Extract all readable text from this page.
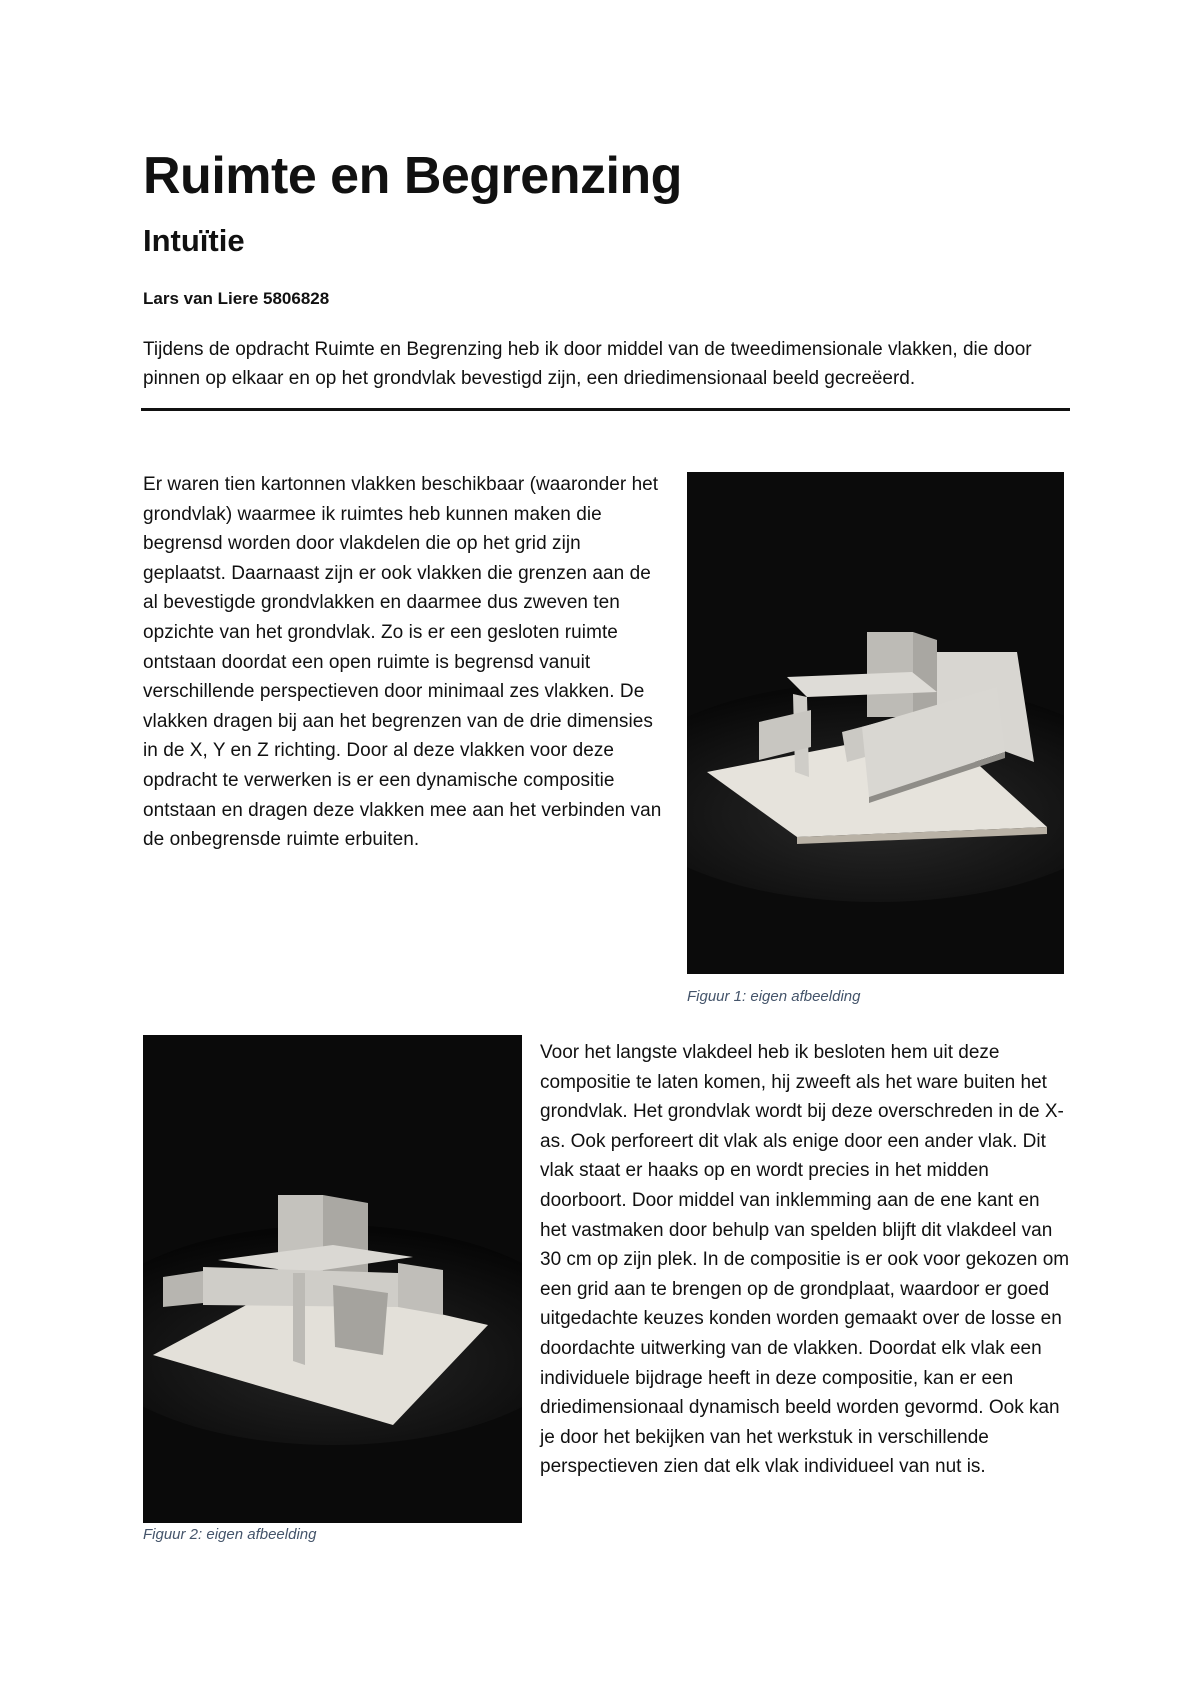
Ruimte en Begrenzing
Intuïtie

Lars van Liere 5806828

Tijdens de opdracht Ruimte en Begrenzing heb ik door middel van de tweedimensionale vlakken, die door pinnen op elkaar en op het grondvlak bevestigd zijn, een driedimensionaal beeld gecreëerd.

Er waren tien kartonnen vlakken beschikbaar (waaronder het grondvlak) waarmee ik ruimtes heb kunnen maken die begrensd worden door vlakdelen die op het grid zijn geplaatst. Daarnaast zijn er ook vlakken die grenzen aan de al bevestigde grondvlakken en daarmee dus zweven ten opzichte van het grondvlak. Zo is er een gesloten ruimte ontstaan doordat een open ruimte is begrensd vanuit verschillende perspectieven door minimaal zes vlakken. De vlakken dragen bij aan het begrenzen van de drie dimensies in de X, Y en Z richting. Door al deze vlakken voor deze opdracht te verwerken is er een dynamische compositie ontstaan en dragen deze vlakken mee aan het verbinden van de onbegrensde ruimte erbuiten.

Figuur 1: eigen afbeelding

Figuur 2: eigen afbeelding

Voor het langste vlakdeel heb ik besloten hem uit deze compositie te laten komen, hij zweeft als het ware buiten het grondvlak. Het grondvlak wordt bij deze overschreden in de X-as. Ook perforeert dit vlak als enige door een ander vlak. Dit vlak staat er haaks op en wordt precies in het midden doorboort. Door middel van inklemming aan de ene kant en het vastmaken door behulp van spelden blijft dit vlakdeel van 30 cm op zijn plek. In de compositie is er ook voor gekozen om een grid aan te brengen op de grondplaat, waardoor er goed uitgedachte keuzes konden worden gemaakt over de losse en doordachte uitwerking van de vlakken. Doordat elk vlak een individuele bijdrage heeft in deze compositie, kan er een driedimensionaal dynamisch beeld worden gevormd. Ook kan je door het bekijken van het werkstuk in verschillende perspectieven zien dat elk vlak individueel van nut is.
